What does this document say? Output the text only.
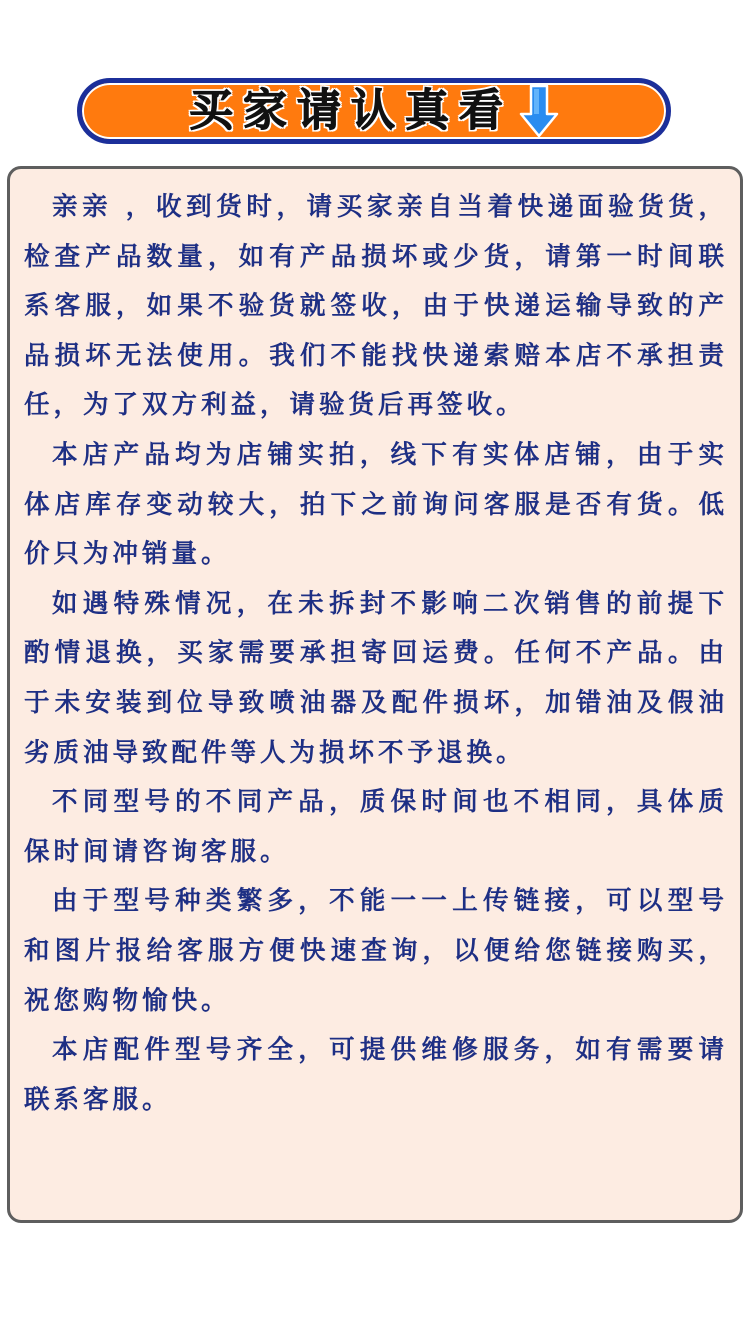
买家请认真看

亲亲 ，收到货时，请买家亲自当着快递面验货货，检查产品数量，如有产品损坏或少货，请第一时间联系客服，如果不验货就签收，由于快递运输导致的产品损坏无法使用。我们不能找快递索赔本店不承担责任，为了双方利益，请验货后再签收。

本店产品均为店铺实拍，线下有实体店铺，由于实体店库存变动较大，拍下之前询问客服是否有货。低价只为冲销量。

如遇特殊情况，在未拆封不影响二次销售的前提下酌情退换，买家需要承担寄回运费。任何不产品。由于未安装到位导致喷油器及配件损坏，加错油及假油劣质油导致配件等人为损坏不予退换。

不同型号的不同产品，质保时间也不相同，具体质保时间请咨询客服。

由于型号种类繁多，不能一一上传链接，可以型号和图片报给客服方便快速查询，以便给您链接购买，祝您购物愉快。

本店配件型号齐全，可提供维修服务，如有需要请联系客服。
